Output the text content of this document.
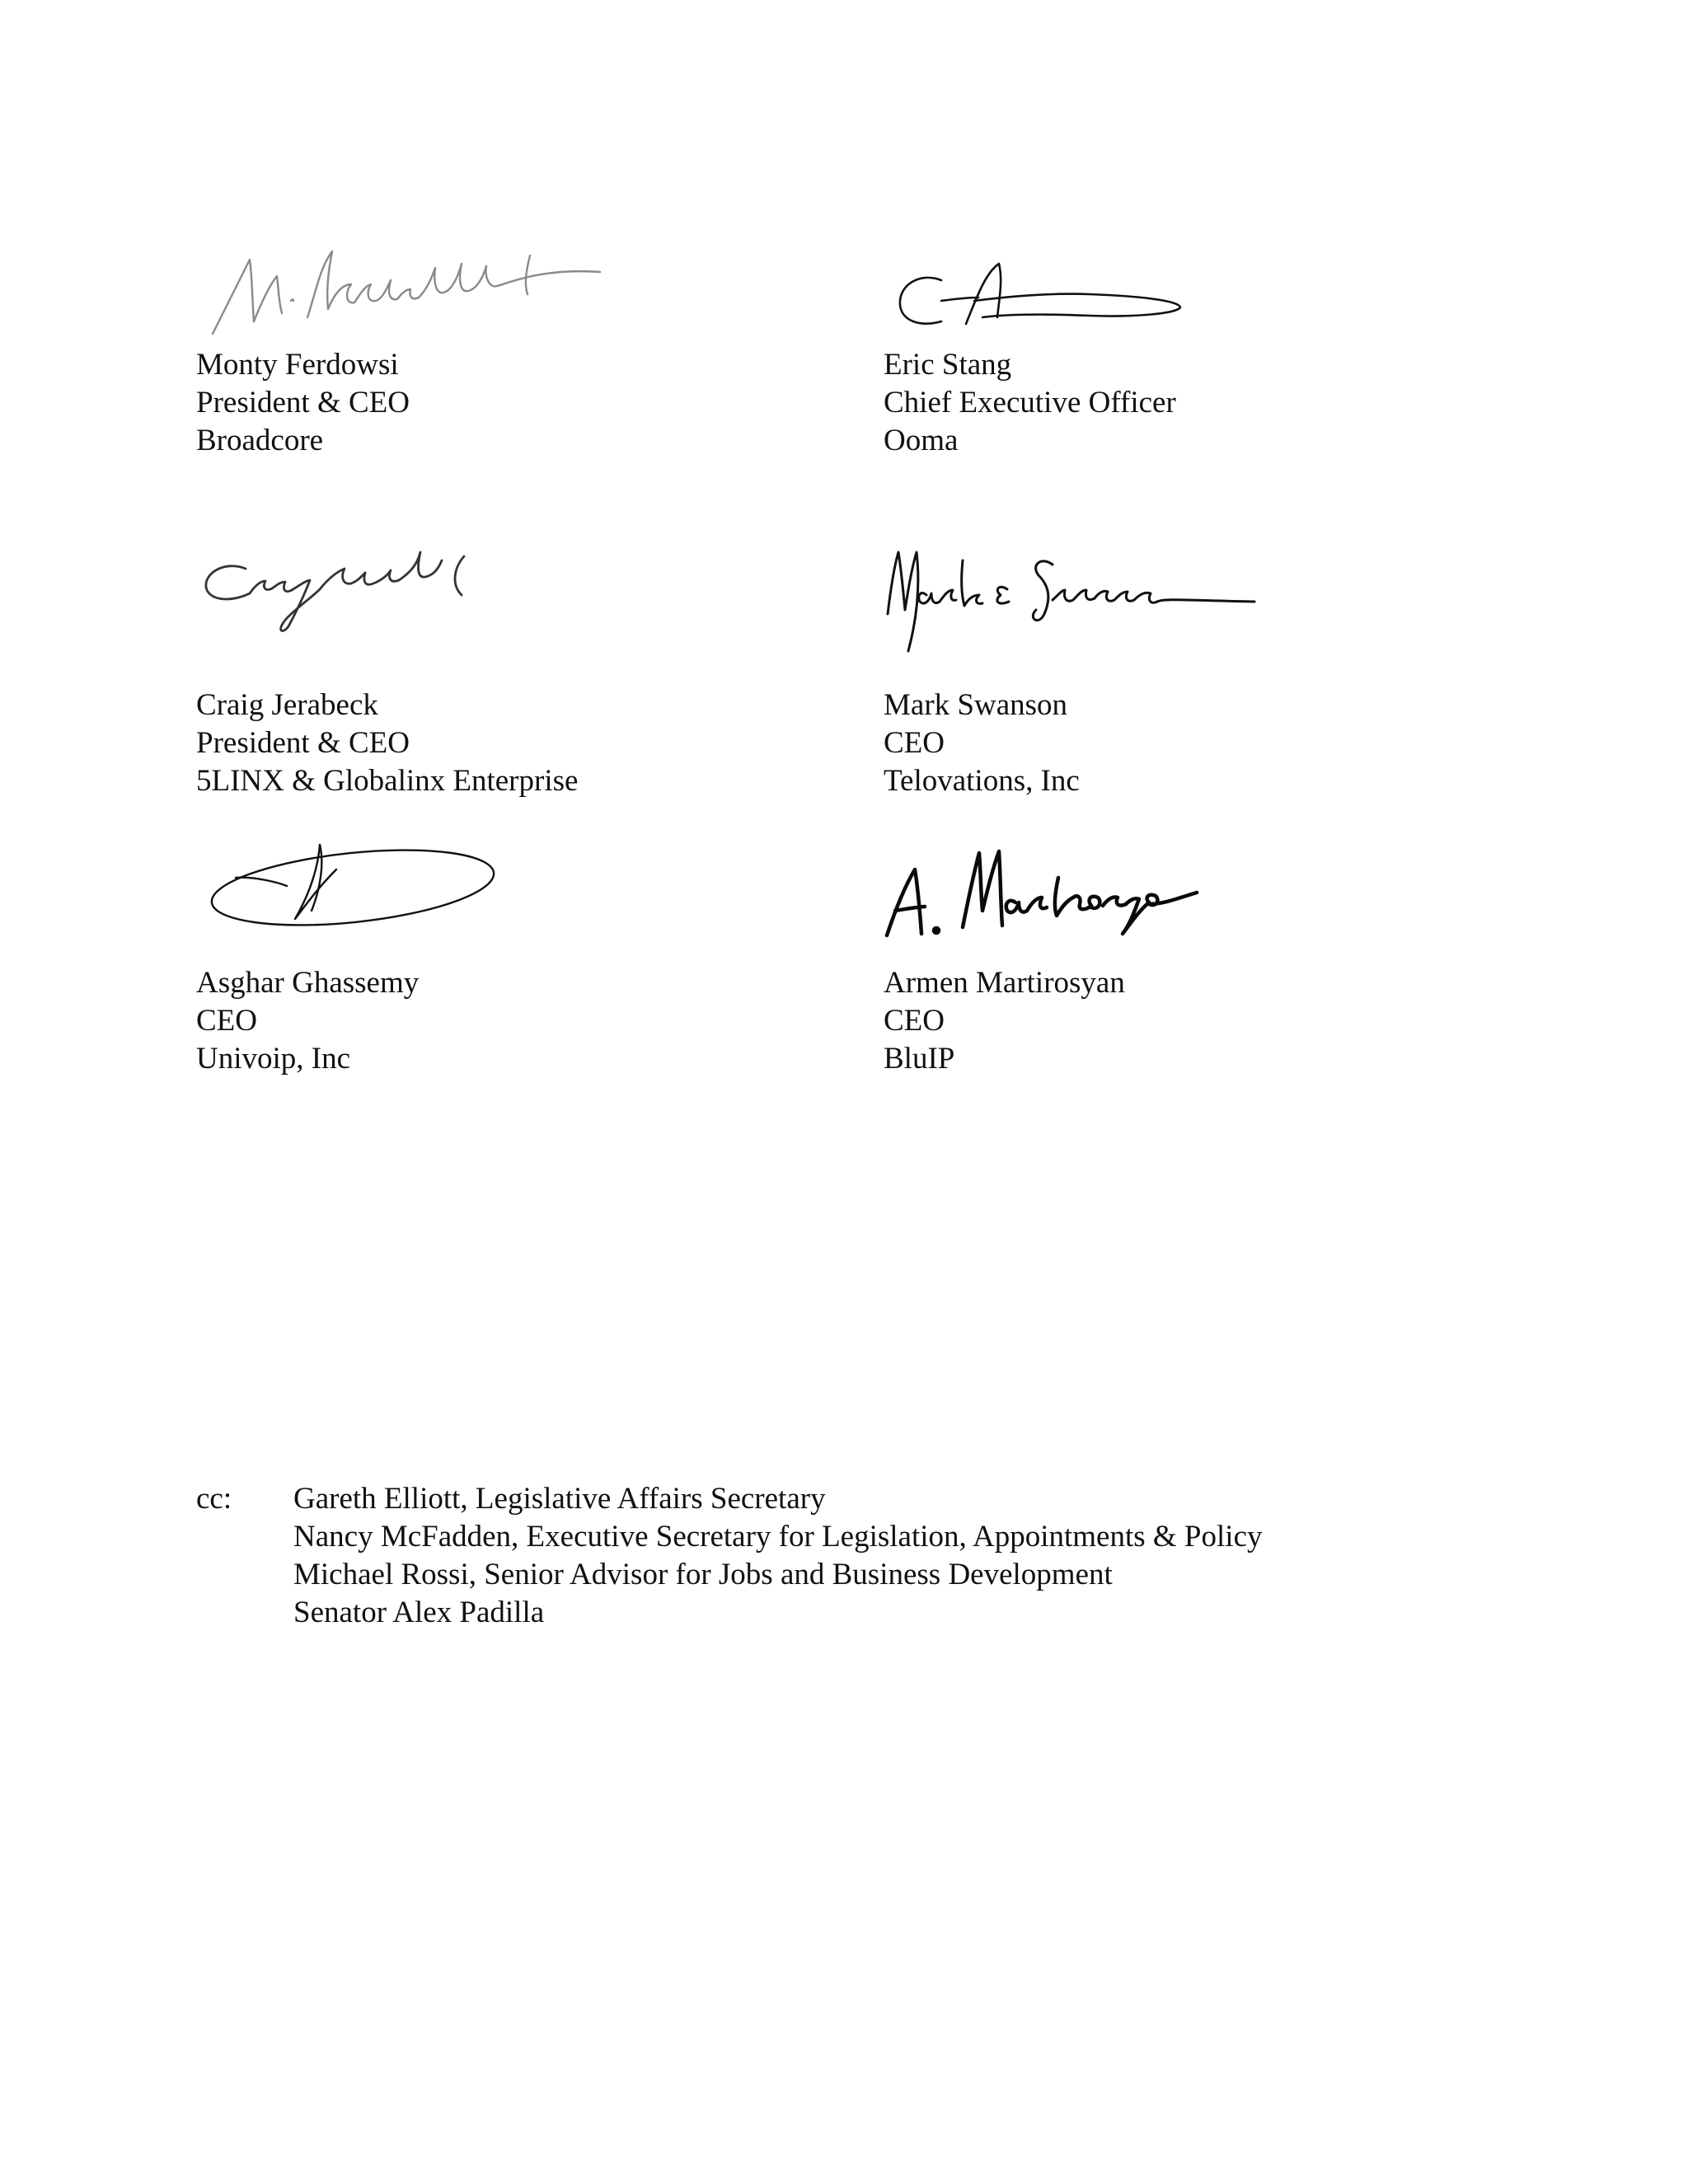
Monty Ferdowsi
President & CEO
Broadcore
Eric Stang
Chief Executive Officer
Ooma
Craig Jerabeck
President & CEO
5LINX & Globalinx Enterprise
Mark Swanson
CEO
Telovations, Inc
Asghar Ghassemy
CEO
Univoip, Inc
Armen Martirosyan
CEO
BluIP
cc:	Gareth Elliott, Legislative Affairs Secretary
Nancy McFadden, Executive Secretary for Legislation, Appointments & Policy
Michael Rossi, Senior Advisor for Jobs and Business Development
Senator Alex Padilla
